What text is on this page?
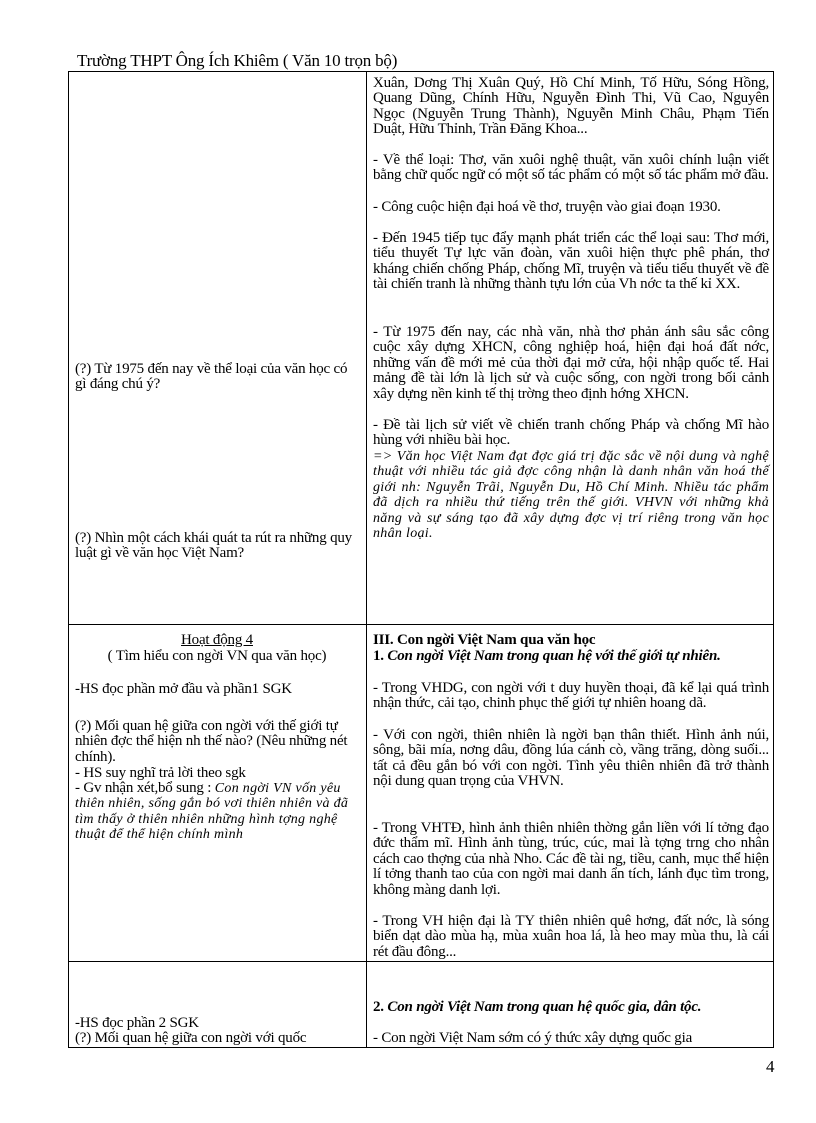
Trường THPT Ông Ích Khiêm ( Văn 10 trọn bộ)
(?) Từ 1975 đến nay về thể loại của văn học có gì đáng chú ý?
(?) Nhìn một cách khái quát ta rút ra những quy luật gì về văn học Việt Nam?
Hoạt động 4
( Tìm hiểu con ngời VN qua văn học)
-HS đọc phần mở đầu và phần1 SGK
(?) Mối quan hệ giữa con ngời với thế giới tự nhiên đợc thể hiện nh thế nào? (Nêu những nét chính).
- HS suy nghĩ trả lời theo sgk
- Gv nhận xét,bổ sung : Con ngời VN vốn yêu thiên nhiên, sống gắn bó vơi thiên nhiên và đã tìm thấy ở thiên nhiên những hình tợng nghệ thuật để thể hiện chính mình
-HS đọc phần 2 SGK
(?) Mối quan hệ giữa con ngời với quốc
Xuân, Dơng Thị Xuân Quý, Hồ Chí Minh, Tố Hữu, Sóng Hồng, Quang Dũng, Chính Hữu, Nguyễn Đình Thi, Vũ Cao, Nguyên Ngọc (Nguyễn Trung Thành), Nguyễn Minh Châu, Phạm Tiến Duật, Hữu Thỉnh, Trần Đăng Khoa...
- Về thể loại: Thơ, văn xuôi nghệ thuật, văn xuôi chính luận viết bằng chữ quốc ngữ có một số tác phẩm có một số tác phẩm mở đầu.
- Công cuộc hiện đại hoá về thơ, truyện vào giai đoạn 1930.
- Đến 1945 tiếp tục đẩy mạnh phát triển các thể loại sau: Thơ mới, tiểu thuyết Tự lực văn đoàn, văn xuôi hiện thực phê phán, thơ kháng chiến chống Pháp, chống Mĩ, truyện và tiểu tiểu thuyết về đề tài chiến tranh là những thành tựu lớn của Vh nớc ta thế kỉ XX.
- Từ 1975 đến nay, các nhà văn, nhà thơ phản ánh sâu sắc công cuộc xây dựng XHCN, công nghiệp hoá, hiện đại hoá đất nớc, những vấn đề mới mẻ của thời đại mở cửa, hội nhập quốc tế. Hai mảng đề tài lớn là lịch sử và cuộc sống, con ngời trong bối cảnh xây dựng nền kinh tế thị trờng theo định hớng XHCN.
- Đề tài lịch sử viết về chiến tranh chống Pháp và chống Mĩ hào hùng với nhiều bài học.
=> Văn học Việt Nam đạt đợc giá trị đặc sắc về nội dung và nghệ thuật với nhiều tác giả đợc công nhận là danh nhân văn hoá thế giới nh: Nguyễn Trãi, Nguyễn Du, Hồ Chí Minh. Nhiều tác phẩm đã dịch ra nhiều thứ tiếng trên thế giới. VHVN với những khả năng và sự sáng tạo đã xây dựng đợc vị trí riêng trong văn học nhân loại.
III. Con ngời Việt Nam qua văn học
1. Con ngời Việt Nam trong quan hệ với thế giới tự nhiên.
- Trong VHDG, con ngời với t duy huyền thoại, đã kể lại quá trình nhận thức, cải tạo, chinh phục thế giới tự nhiên hoang dã.
- Với con ngời, thiên nhiên là ngời bạn thân thiết. Hình ảnh núi, sông, bãi mía, nơng dâu, đồng lúa cánh cò, vầng trăng, dòng suối... tất cả đều gắn bó với con ngời. Tình yêu thiên nhiên đã trở thành nội dung quan trọng của VHVN.
- Trong VHTĐ, hình ảnh thiên nhiên thờng gắn liền với lí tởng đạo đức thẩm mĩ. Hình ảnh tùng, trúc, cúc, mai là tợng trng cho nhân cách cao thợng của nhà Nho. Các đề tài ng, tiều, canh, mục thể hiện lí tởng thanh tao của con ngời mai danh ẩn tích, lánh đục tìm trong, không màng danh lợi.
- Trong VH hiện đại là TY thiên nhiên quê hơng, đất nớc, là sóng biển dạt dào mùa hạ, mùa xuân hoa lá, là heo may mùa thu, là cái rét đầu đông...
2. Con ngời Việt Nam trong quan hệ quốc gia, dân tộc.
- Con ngời Việt Nam sớm có ý thức xây dựng quốc gia
4
